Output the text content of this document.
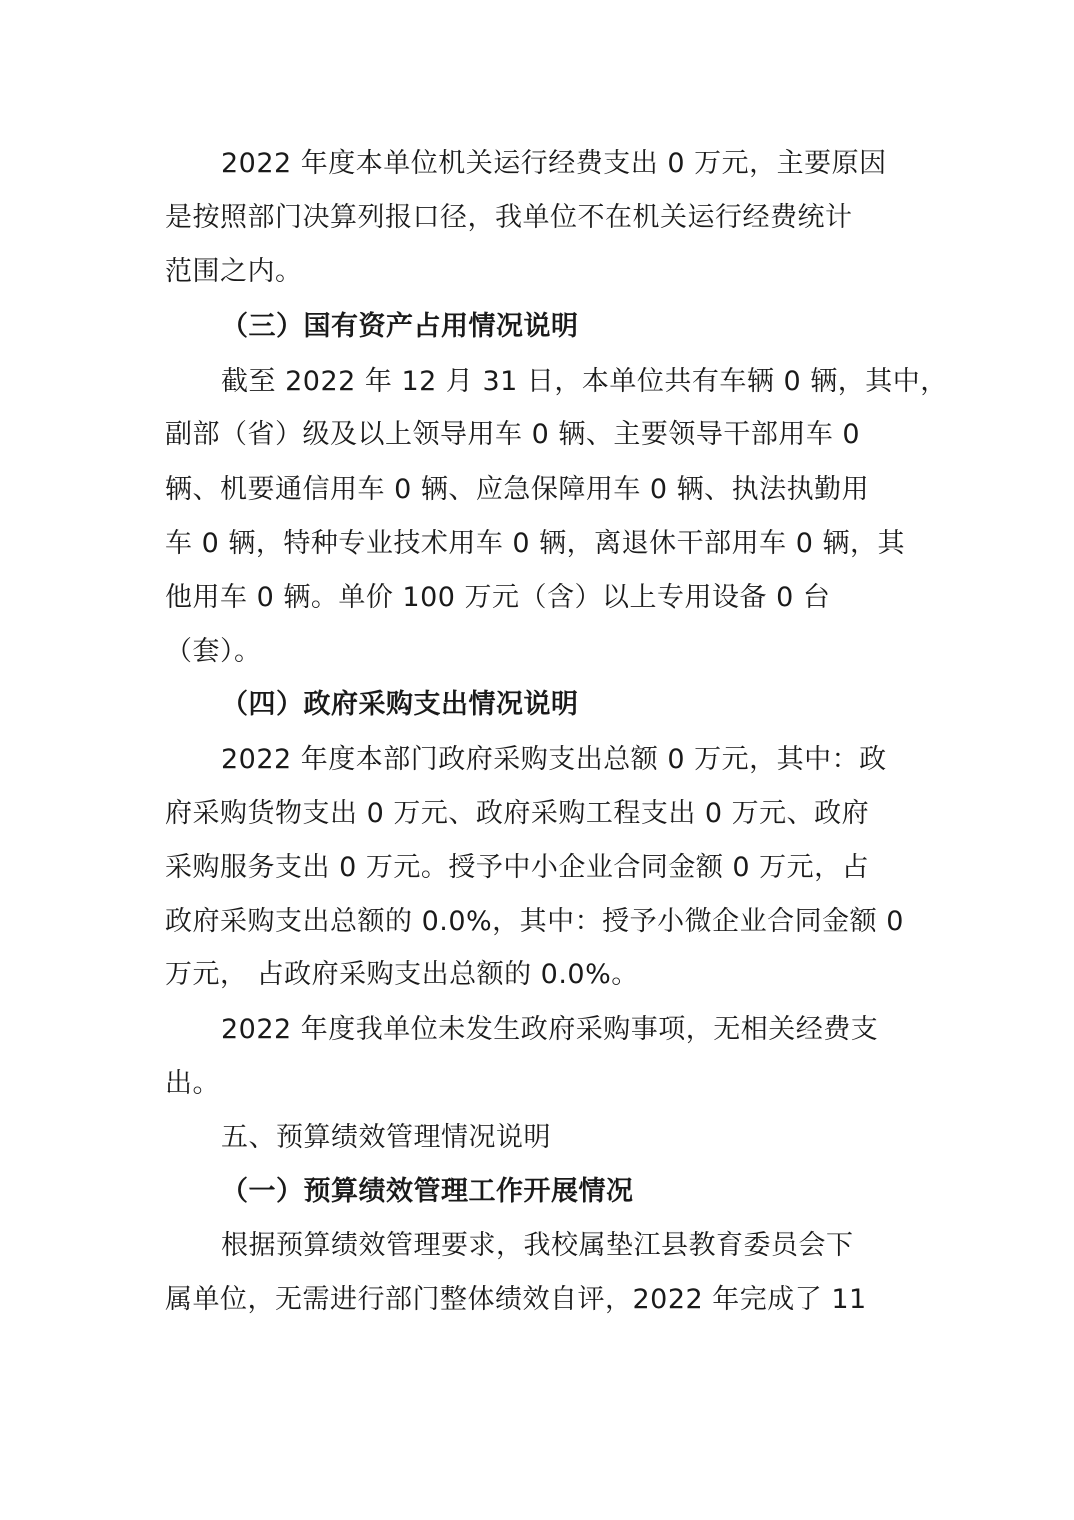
2022 年度本单位机关运行经费支出 0 万元，主要原因
是按照部门决算列报口径，我单位不在机关运行经费统计
范围之内。
（三）国有资产占用情况说明
截至 2022 年 12 月 31 日，本单位共有车辆 0 辆，其中，
副部（省）级及以上领导用车 0 辆、主要领导干部用车 0
辆、机要通信用车 0 辆、应急保障用车 0 辆、执法执勤用
车 0 辆，特种专业技术用车 0 辆，离退休干部用车 0 辆，其
他用车 0 辆。单价 100 万元（含）以上专用设备 0 台
（套）。
（四）政府采购支出情况说明
2022 年度本部门政府采购支出总额 0 万元，其中：政
府采购货物支出 0 万元、政府采购工程支出 0 万元、政府
采购服务支出 0 万元。授予中小企业合同金额 0 万元，占
政府采购支出总额的 0.0%，其中：授予小微企业合同金额 0
万元， 占政府采购支出总额的 0.0%。
2022 年度我单位未发生政府采购事项，无相关经费支
出。
五、预算绩效管理情况说明
（一）预算绩效管理工作开展情况
根据预算绩效管理要求，我校属垫江县教育委员会下
属单位，无需进行部门整体绩效自评，2022 年完成了 11
